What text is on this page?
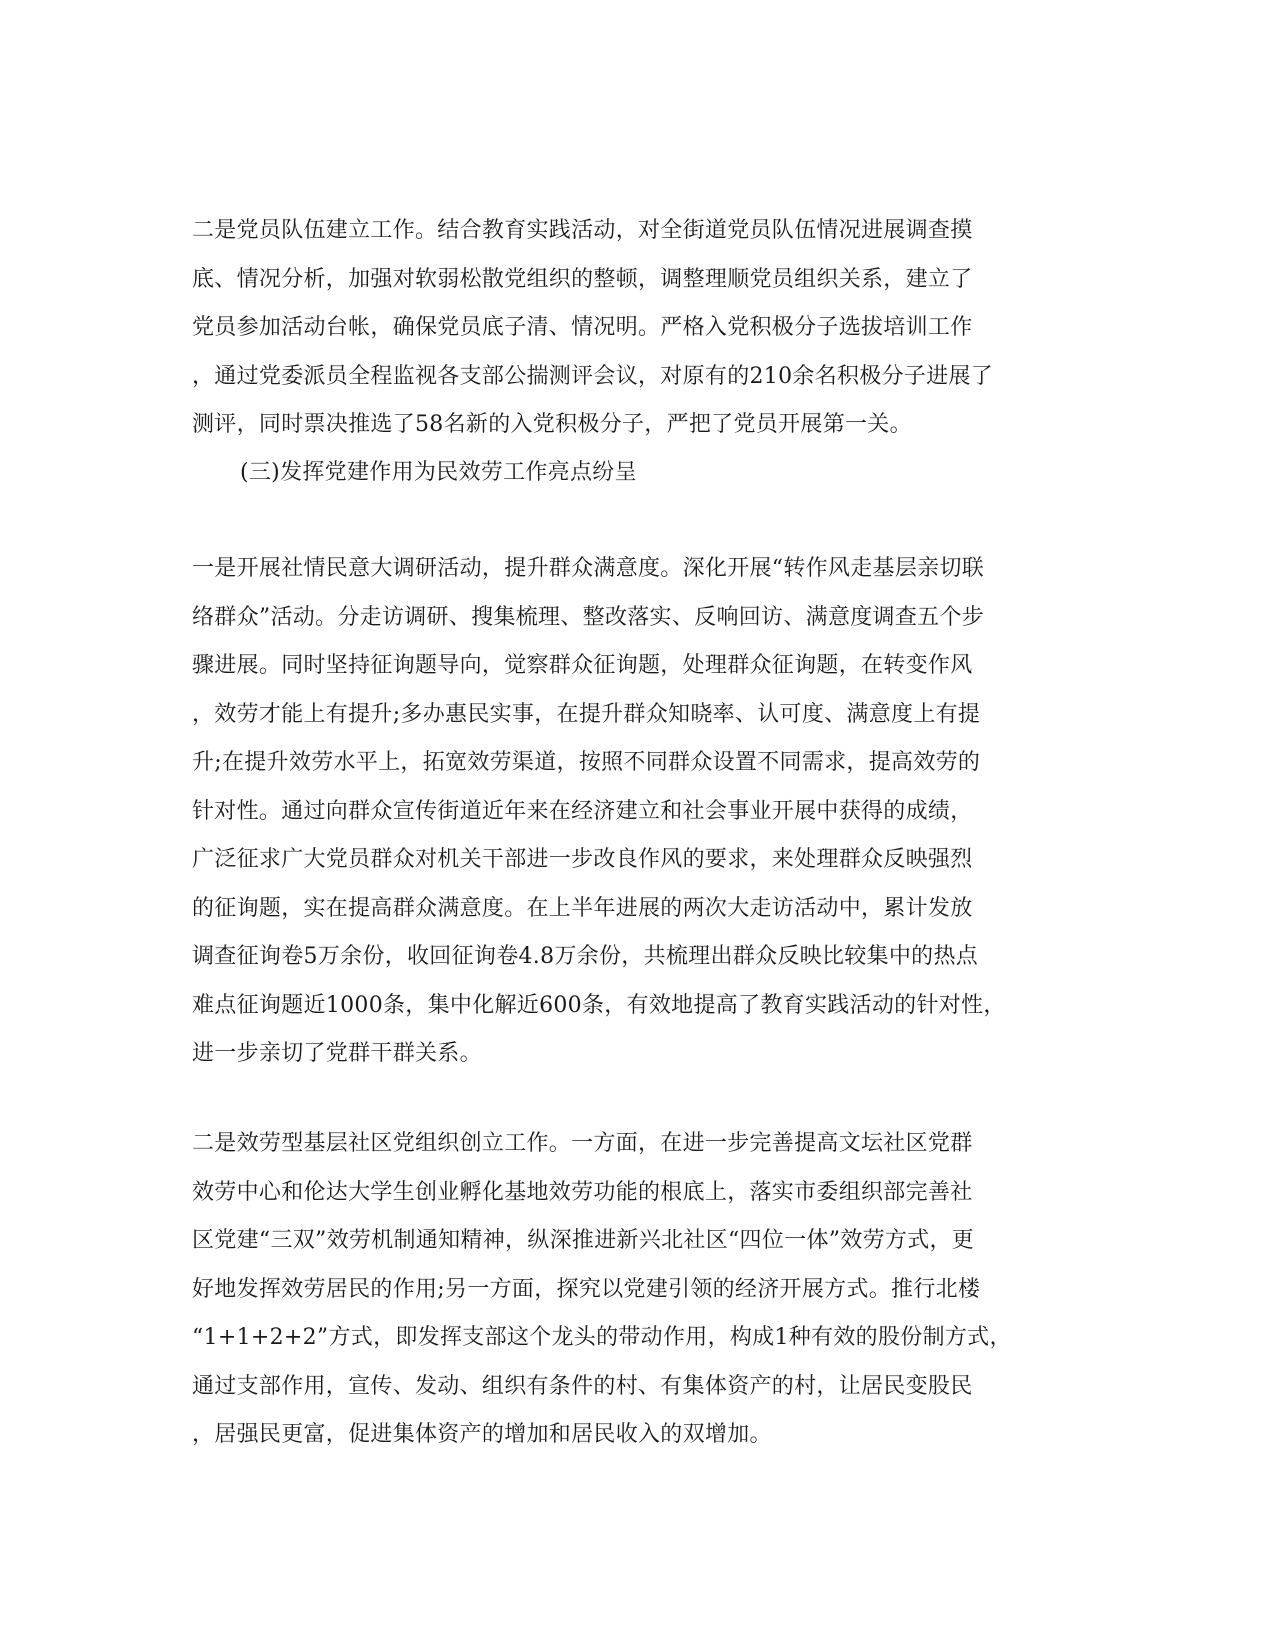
二是党员队伍建立工作。结合教育实践活动，对全街道党员队伍情况进展调查摸
底、情况分析，加强对软弱松散党组织的整顿，调整理顺党员组织关系，建立了
党员参加活动台帐，确保党员底子清、情况明。严格入党积极分子选拔培训工作
，通过党委派员全程监视各支部公揣测评会议，对原有的210余名积极分子进展了
测评，同时票决推选了58名新的入党积极分子，严把了党员开展第一关。

(三)发挥党建作用为民效劳工作亮点纷呈

一是开展社情民意大调研活动，提升群众满意度。深化开展“转作风走基层亲切联
络群众”活动。分走访调研、搜集梳理、整改落实、反响回访、满意度调查五个步
骤进展。同时坚持征询题导向，觉察群众征询题，处理群众征询题，在转变作风
，效劳才能上有提升;多办惠民实事，在提升群众知晓率、认可度、满意度上有提
升;在提升效劳水平上，拓宽效劳渠道，按照不同群众设置不同需求，提高效劳的
针对性。通过向群众宣传街道近年来在经济建立和社会事业开展中获得的成绩，
广泛征求广大党员群众对机关干部进一步改良作风的要求，来处理群众反映强烈
的征询题，实在提高群众满意度。在上半年进展的两次大走访活动中，累计发放
调查征询卷5万余份，收回征询卷4.8万余份，共梳理出群众反映比较集中的热点
难点征询题近1000条，集中化解近600条，有效地提高了教育实践活动的针对性，
进一步亲切了党群干群关系。

二是效劳型基层社区党组织创立工作。一方面，在进一步完善提高文坛社区党群
效劳中心和伦达大学生创业孵化基地效劳功能的根底上，落实市委组织部完善社
区党建“三双”效劳机制通知精神，纵深推进新兴北社区“四位一体”效劳方式，更
好地发挥效劳居民的作用;另一方面，探究以党建引领的经济开展方式。推行北楼
“1+1+2+2”方式，即发挥支部这个龙头的带动作用，构成1种有效的股份制方式，
通过支部作用，宣传、发动、组织有条件的村、有集体资产的村，让居民变股民
，居强民更富，促进集体资产的增加和居民收入的双增加。
